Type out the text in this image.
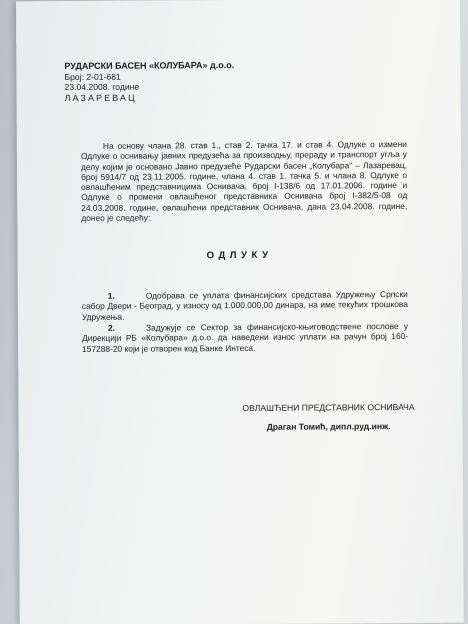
РУДАРСКИ БАСЕН «КОЛУБАРА» д.о.о.
Број: 2-01-681
23.04.2008. године
ЛАЗАРЕВАЦ
На основу члана 28. став 1., став 2. тачка 17. и став 4. Одлуке о измени Одлуке о оснивању јавних предузећа за производњу, прераду и транспорт угља у делу којим је основано Јавно предузеће Рударски басен „Колубара" – Лазаревац, број 5914/7 од 23.11.2005. године, члана 4. став 1. тачка 5. и члана 8. Одлуке о овлашћеним представницима Оснивача, број I-138/6 од 17.01.2006. године и Одлуке о промени овлашћеног представника Оснивача број I-382/5-08 од 24.03.2008. године, овлашћени представник Оснивача, дана 23.04.2008. године, донео је следећу:
ОДЛУКУ
1.	Одобрава се уплата финансијских средстава Удружењу Српски сабор Двери - Београд, у износу од 1.000.000,00 динара, на име текућих трошкова Удружења.
2.	Задужује се Сектор за финансијско-књиговодствене послове у Дирекцији РБ «Колубара» д.о.о. да наведени износ уплати на рачун број 160-157288-20 који је отворен код Банке Интеса.
ОВЛАШЋЕНИ ПРЕДСТАВНИК ОСНИВАЧА
Драган Томић, дипл.руд.инж.
